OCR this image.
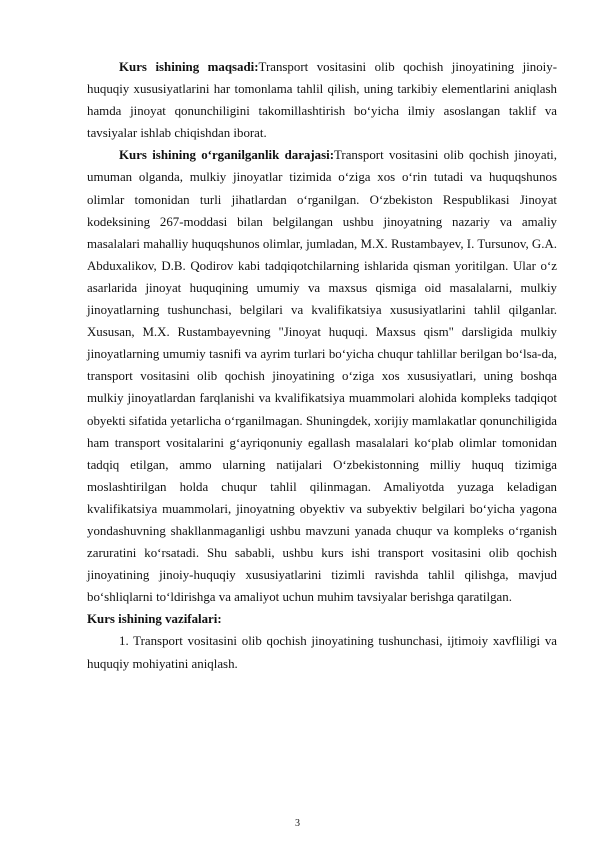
Kurs ishining maqsadi:Transport vositasini olib qochish jinoyatining jinoiy-huquqiy xususiyatlarini har tomonlama tahlil qilish, uning tarkibiy elementlarini aniqlash hamda jinoyat qonunchiligini takomillashtirish bo‘yicha ilmiy asoslangan taklif va tavsiyalar ishlab chiqishdan iborat.

Kurs ishining o‘rganilganlik darajasi:Transport vositasini olib qochish jinoyati, umuman olganda, mulkiy jinoyatlar tizimida o‘ziga xos o‘rin tutadi va huquqshunos olimlar tomonidan turli jihatlardan o‘rganilgan. O‘zbekiston Respublikasi Jinoyat kodeksining 267-moddasi bilan belgilangan ushbu jinoyatning nazariy va amaliy masalalari mahalliy huquqshunos olimlar, jumladan, M.X. Rustambayev, I. Tursunov, G.A. Abduxalikov, D.B. Qodirov kabi tadqiqotchilarning ishlarida qisman yoritilgan. Ular o‘z asarlarida jinoyat huquqining umumiy va maxsus qismiga oid masalalarni, mulkiy jinoyatlarning tushunchasi, belgilari va kvalifikatsiya xususiyatlarini tahlil qilganlar. Xususan, M.X. Rustambayevning "Jinoyat huquqi. Maxsus qism" darsligida mulkiy jinoyatlarning umumiy tasnifi va ayrim turlari bo‘yicha chuqur tahlillar berilgan bo‘lsa-da, transport vositasini olib qochish jinoyatining o‘ziga xos xususiyatlari, uning boshqa mulkiy jinoyatlardan farqlanishi va kvalifikatsiya muammolari alohida kompleks tadqiqot obyekti sifatida yetarlicha o‘rganilmagan. Shuningdek, xorijiy mamlakatlar qonunchiligida ham transport vositalarini g‘ayriqonuniy egallash masalalari ko‘plab olimlar tomonidan tadqiq etilgan, ammo ularning natijalari O‘zbekistonning milliy huquq tizimiga moslashtirilgan holda chuqur tahlil qilinmagan. Amaliyotda yuzaga keladigan kvalifikatsiya muammolari, jinoyatning obyektiv va subyektiv belgilari bo‘yicha yagona yondashuvning shakllanmaganligi ushbu mavzuni yanada chuqur va kompleks o‘rganish zaruratini ko‘rsatadi. Shu sababli, ushbu kurs ishi transport vositasini olib qochish jinoyatining jinoiy-huquqiy xususiyatlarini tizimli ravishda tahlil qilishga, mavjud bo‘shliqlarni to‘ldirishga va amaliyot uchun muhim tavsiyalar berishga qaratilgan.

Kurs ishining vazifalari:

1. Transport vositasini olib qochish jinoyatining tushunchasi, ijtimoiy xavfliligi va huquqiy mohiyatini aniqlash.

3
